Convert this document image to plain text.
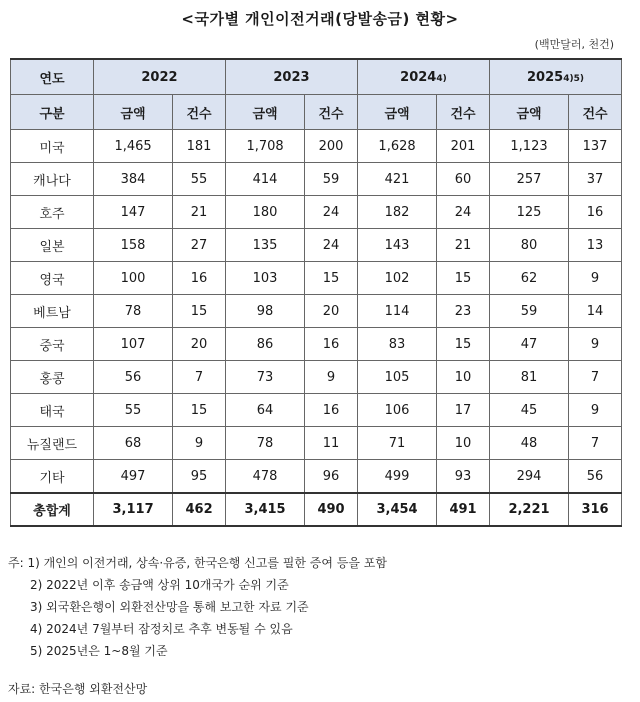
<국가별 개인이전거래(당발송금) 현황>
(백만달러, 천건)
연도	2022		2023		20244)		20254)5)	
구분	금액	건수	금액	건수	금액	건수	금액	건수
미국	1,465	181	1,708	200	1,628	201	1,123	137
캐나다	384	55	414	59	421	60	257	37
호주	147	21	180	24	182	24	125	16
일본	158	27	135	24	143	21	80	13
영국	100	16	103	15	102	15	62	9
베트남	78	15	98	20	114	23	59	14
중국	107	20	86	16	83	15	47	9
홍콩	56	7	73	9	105	10	81	7
태국	55	15	64	16	106	17	45	9
뉴질랜드	68	9	78	11	71	10	48	7
기타	497	95	478	96	499	93	294	56
총합계	3,117	462	3,415	490	3,454	491	2,221	316
주: 1) 개인의 이전거래, 상속·유증, 한국은행 신고를 필한 증여 등을 포함
2) 2022년 이후 송금액 상위 10개국가 순위 기준
3) 외국환은행이 외환전산망을 통해 보고한 자료 기준
4) 2024년 7월부터 잠정치로 추후 변동될 수 있음
5) 2025년은 1~8월 기준
자료: 한국은행 외환전산망
